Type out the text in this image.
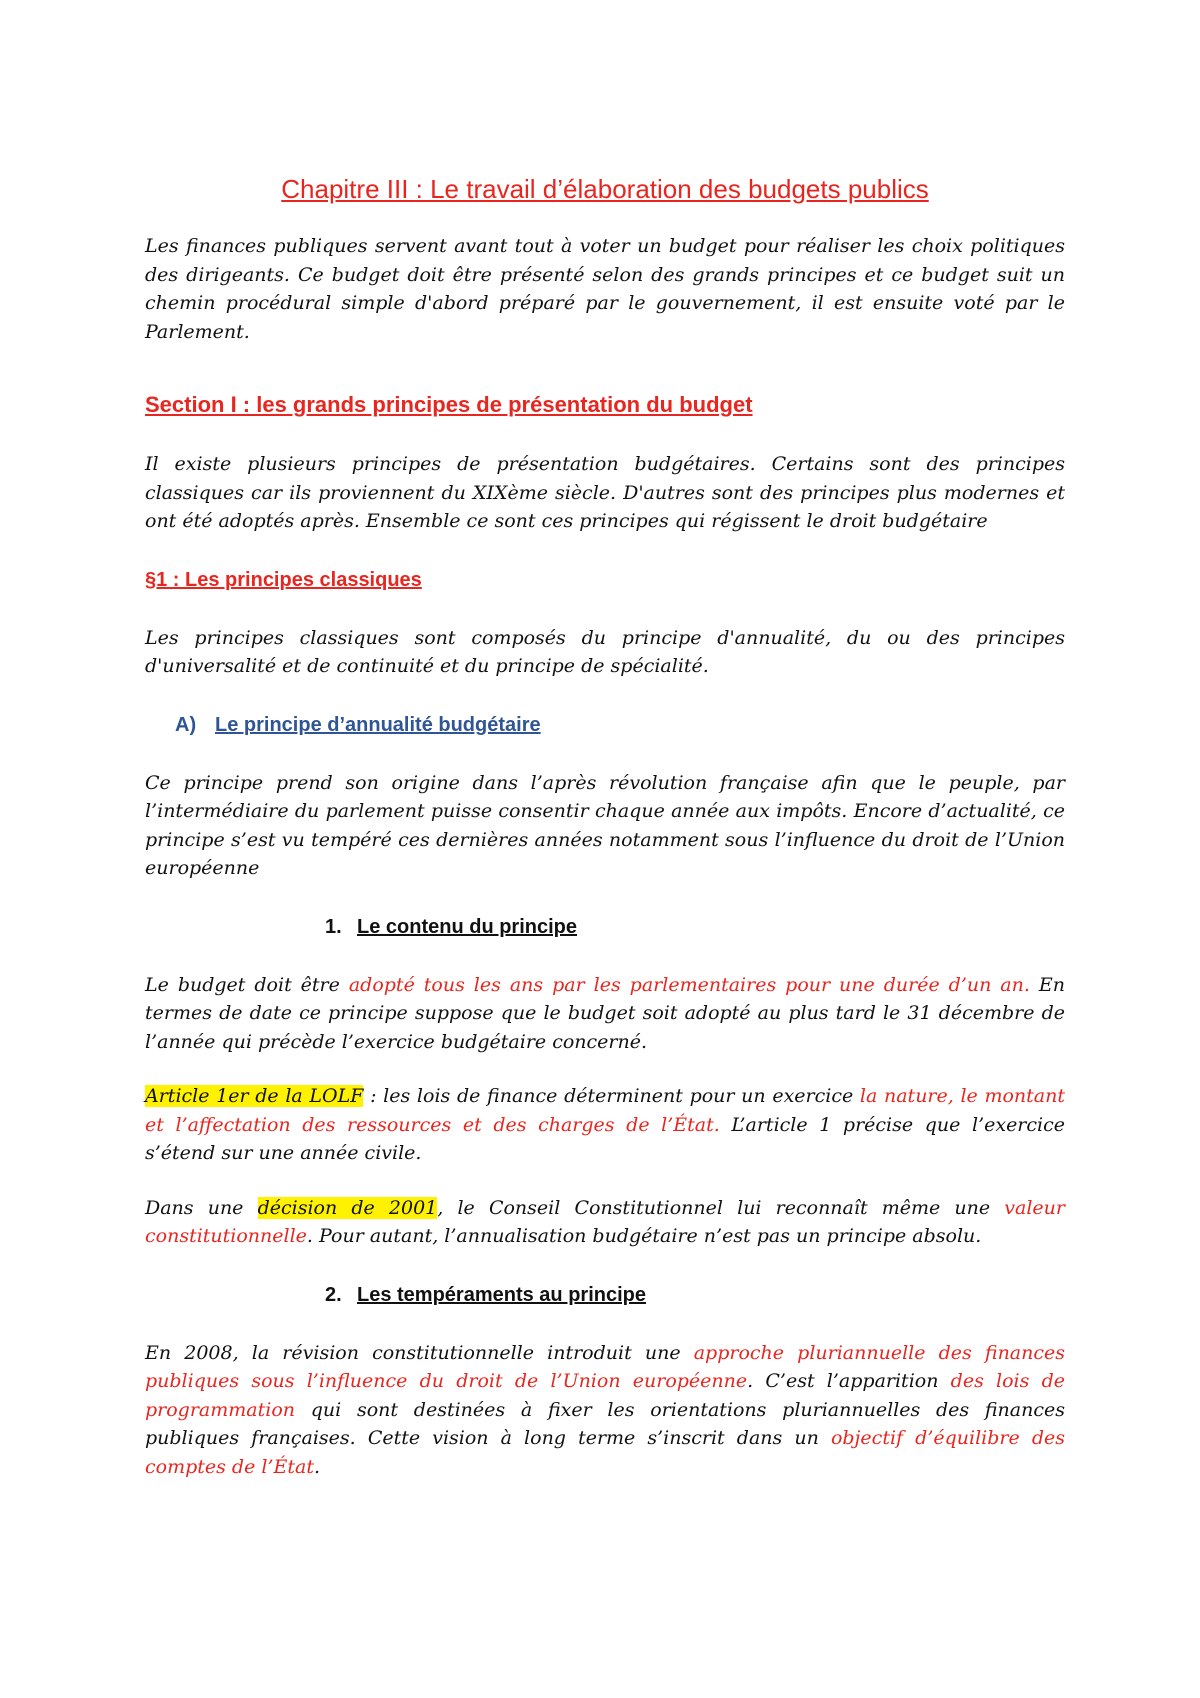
Chapitre III : Le travail d’élaboration des budgets publics

Les finances publiques servent avant tout à voter un budget pour réaliser les choix politiques des dirigeants. Ce budget doit être présenté selon des grands principes et ce budget suit un chemin procédural simple d'abord préparé par le gouvernement, il est ensuite voté par le Parlement.

Section I : les grands principes de présentation du budget

Il existe plusieurs principes de présentation budgétaires. Certains sont des principes classiques car ils proviennent du XIXème siècle. D'autres sont des principes plus modernes et ont été adoptés après. Ensemble ce sont ces principes qui régissent le droit budgétaire

§1 : Les principes classiques

Les principes classiques sont composés du principe d'annualité, du ou des principes d'universalité et de continuité et du principe de spécialité.

A) Le principe d’annualité budgétaire

Ce principe prend son origine dans l’après révolution française afin que le peuple, par l’intermédiaire du parlement puisse consentir chaque année aux impôts. Encore d’actualité, ce principe s’est vu tempéré ces dernières années notamment sous l’influence du droit de l’Union européenne

1. Le contenu du principe

Le budget doit être adopté tous les ans par les parlementaires pour une durée d’un an. En termes de date ce principe suppose que le budget soit adopté au plus tard le 31 décembre de l’année qui précède l’exercice budgétaire concerné.

Article 1er de la LOLF : les lois de finance déterminent pour un exercice la nature, le montant et l’affectation des ressources et des charges de l’État. L’article 1 précise que l’exercice s’étend sur une année civile.

Dans une décision de 2001, le Conseil Constitutionnel lui reconnaît même une valeur constitutionnelle. Pour autant, l’annualisation budgétaire n’est pas un principe absolu.

2. Les tempéraments au principe

En 2008, la révision constitutionnelle introduit une approche pluriannuelle des finances publiques sous l’influence du droit de l’Union européenne. C’est l’apparition des lois de programmation qui sont destinées à fixer les orientations pluriannuelles des finances publiques françaises. Cette vision à long terme s’inscrit dans un objectif d’équilibre des comptes de l’État.
